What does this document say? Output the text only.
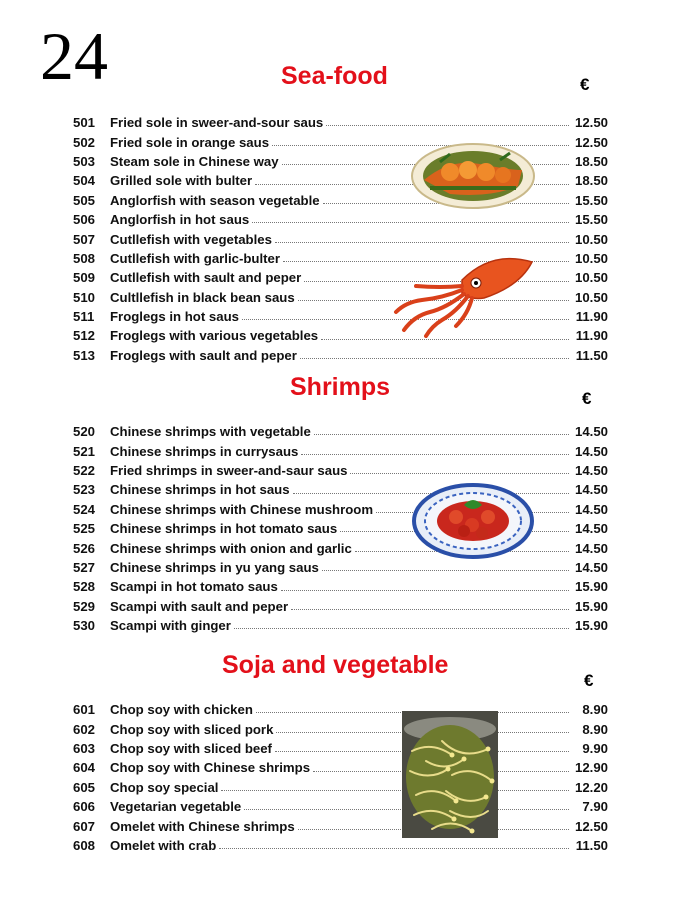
24	Sea-food	€
501	Fried sole in sweer-and-sour saus	12.50
502	Fried sole in orange saus	12.50
503	Steam sole in Chinese way	18.50
504	Grilled sole with bulter	18.50
505	Anglorfish with season vegetable	15.50
506	Anglorfish in hot saus	15.50
507	Cutllefish with vegetables	10.50
508	Cutllefish with garlic-bulter	10.50
509	Cutllefish with sault and peper	10.50
510	Cultllefish in black bean saus	10.50
511	Froglegs in hot saus	11.90
512	Froglegs with various vegetables	11.90
513	Froglegs with sault and peper	11.50
Shrimps	€
520	Chinese shrimps with vegetable	14.50
521	Chinese shrimps in currysaus	14.50
522	Fried shrimps in sweer-and-saur saus	14.50
523	Chinese shrimps in hot saus	14.50
524	Chinese shrimps with Chinese mushroom	14.50
525	Chinese shrimps in hot tomato saus	14.50
526	Chinese shrimps with onion and garlic	14.50
527	Chinese shrimps in yu yang saus	14.50
528	Scampi in hot tomato saus	15.90
529	Scampi with sault and peper	15.90
530	Scampi with ginger	15.90
Soja and vegetable
€
601	Chop soy with chicken	8.90
602	Chop soy with sliced pork	8.90
603	Chop soy with sliced beef	9.90
604	Chop soy with Chinese shrimps	12.90
605	Chop soy special	12.20
606	Vegetarian vegetable	7.90
607	Omelet with Chinese shrimps	12.50
608	Omelet with crab	11.50
